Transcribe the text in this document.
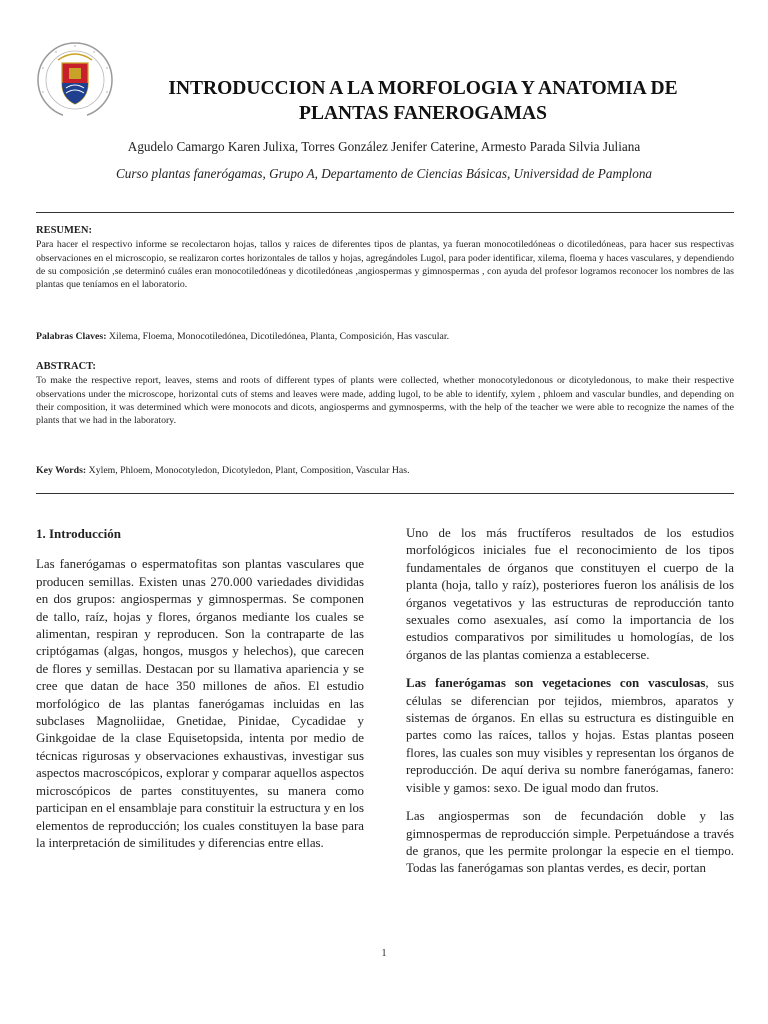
INTRODUCCION A LA MORFOLOGIA Y ANATOMIA DE
PLANTAS FANEROGAMAS

Agudelo Camargo Karen Julixa, Torres González Jenifer Caterine, Armesto Parada Silvia Juliana

Curso plantas fanerógamas, Grupo A, Departamento de Ciencias Básicas, Universidad de Pamplona

RESUMEN:

Para hacer el respectivo informe se recolectaron hojas, tallos y raices de diferentes tipos de plantas, ya fueran monocotiledóneas o dicotiledóneas, para hacer sus respectivas observaciones en el microscopio, se realizaron cortes horizontales de tallos y hojas, agregándoles Lugol, para poder identificar, xilema, floema y haces vasculares, y dependiendo de su composición ,se determinó cuáles eran monocotiledóneas y dicotiledóneas ,angiospermas y gimnospermas , con ayuda del profesor logramos reconocer los nombres de las plantas que teníamos en el laboratorio.

Palabras Claves: Xilema, Floema, Monocotiledónea, Dicotiledónea, Planta, Composición, Has vascular.

ABSTRACT:

To make the respective report, leaves, stems and roots of different types of plants were collected, whether monocotyledonous or dicotyledonous, to make their respective observations under the microscope, horizontal cuts of stems and leaves were made, adding lugol, to be able to identify, xylem , phloem and vascular bundles, and depending on their composition, it was determined which were monocots and dicots, angiosperms and gymnosperms, with the help of the teacher we were able to recognize the names of the plants that we had in the laboratory.

Key Words: Xylem, Phloem, Monocotyledon, Dicotyledon, Plant, Composition, Vascular Has.

1. Introducción

Las fanerógamas o espermatofitas son plantas vasculares que producen semillas. Existen unas 270.000 variedades divididas en dos grupos: angiospermas y gimnospermas. Se componen de tallo, raíz, hojas y flores, órganos mediante los cuales se alimentan, respiran y reproducen. Son la contraparte de las criptógamas (algas, hongos, musgos y helechos), que carecen de flores y semillas. Destacan por su llamativa apariencia y se cree que datan de hace 350 millones de años. El estudio morfológico de las plantas fanerógamas incluidas en las subclases Magnoliidae, Gnetidae, Pinidae, Cycadidae y Ginkgoidae de la clase Equisetopsida, intenta por medio de técnicas rigurosas y observaciones exhaustivas, investigar sus aspectos macroscópicos, explorar y comparar aquellos aspectos microscópicos de partes constituyentes, su manera como participan en el ensamblaje para constituir la estructura y en los elementos de reproducción; los cuales constituyen la base para la interpretación de similitudes y diferencias entre ellas.

Uno de los más fructíferos resultados de los estudios morfológicos iniciales fue el reconocimiento de los tipos fundamentales de órganos que constituyen el cuerpo de la planta (hoja, tallo y raíz), posteriores fueron los análisis de los órganos vegetativos y las estructuras de reproducción tanto sexuales como asexuales, así como la importancia de los estudios comparativos por similitudes u homologías, de los órganos de las plantas comienza a establecerse.

Las fanerógamas son vegetaciones con vasculosas, sus células se diferencian por tejidos, miembros, aparatos y sistemas de órganos. En ellas su estructura es distinguible en partes como las raíces, tallos y hojas. Estas plantas poseen flores, las cuales son muy visibles y representan los órganos de reproducción. De aquí deriva su nombre fanerógamas, fanero: visible y gamos: sexo. De igual modo dan frutos.

Las angiospermas son de fecundación doble y las gimnospermas de reproducción simple. Perpetuándose a través de granos, que les permite prolongar la especie en el tiempo. Todas las fanerógamas son plantas verdes, es decir, portan

1
